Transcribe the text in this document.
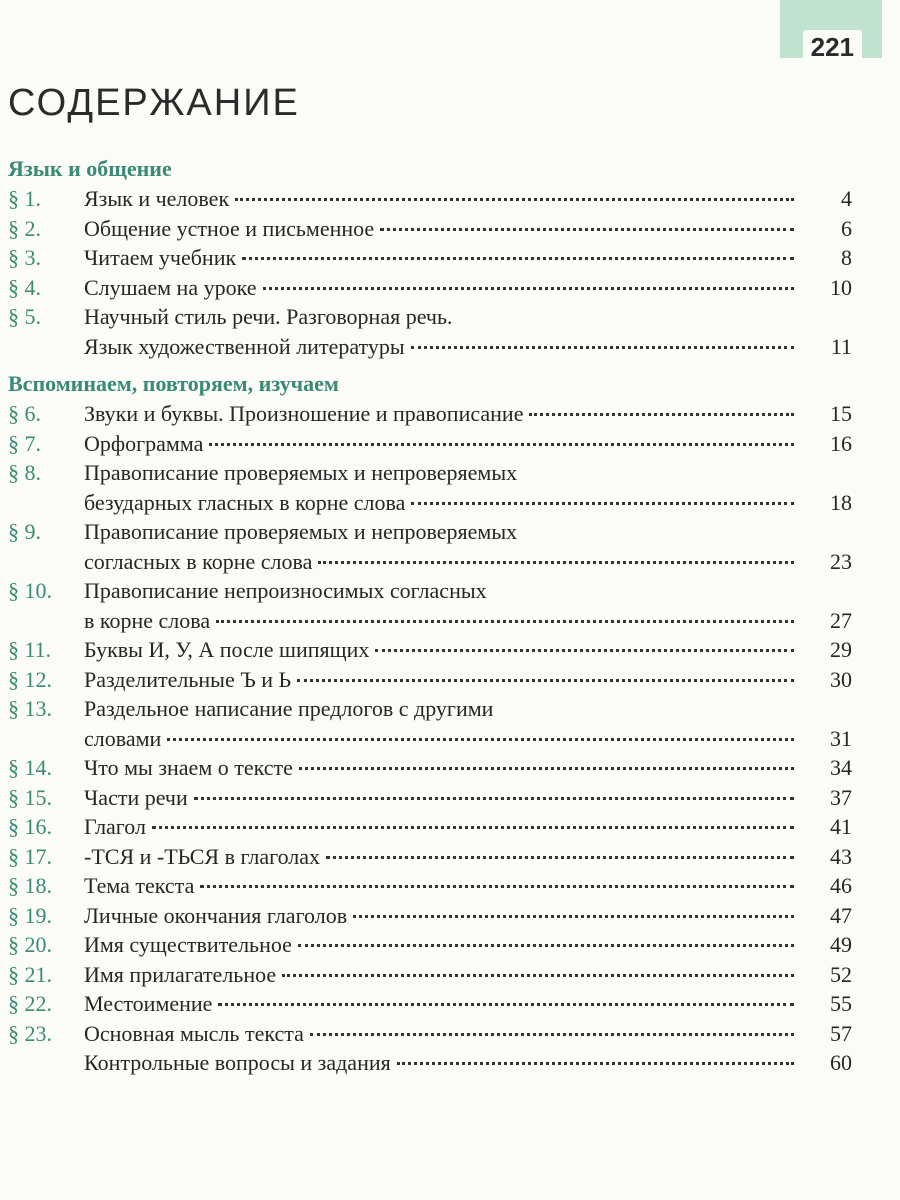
221
СОДЕРЖАНИЕ
Язык и общение
§ 1.	Язык и человек	4
§ 2.	Общение устное и письменное	6
§ 3.	Читаем учебник	8
§ 4.	Слушаем на уроке	10
§ 5.	Научный стиль речи. Разговорная речь.
Язык художественной литературы	11
Вспоминаем, повторяем, изучаем
§ 6.	Звуки и буквы. Произношение и правописание	15
§ 7.	Орфограмма	16
§ 8.	Правописание проверяемых и непроверяемых
безударных гласных в корне слова	18
§ 9.	Правописание проверяемых и непроверяемых
согласных в корне слова	23
§ 10.	Правописание непроизносимых согласных
в корне слова	27
§ 11.	Буквы И, У, А после шипящих	29
§ 12.	Разделительные Ъ и Ь	30
§ 13.	Раздельное написание предлогов с другими
словами	31
§ 14.	Что мы знаем о тексте	34
§ 15.	Части речи	37
§ 16.	Глагол	41
§ 17.	-ТСЯ и -ТЬСЯ в глаголах	43
§ 18.	Тема текста	46
§ 19.	Личные окончания глаголов	47
§ 20.	Имя существительное	49
§ 21.	Имя прилагательное	52
§ 22.	Местоимение	55
§ 23.	Основная мысль текста	57
Контрольные вопросы и задания	60
